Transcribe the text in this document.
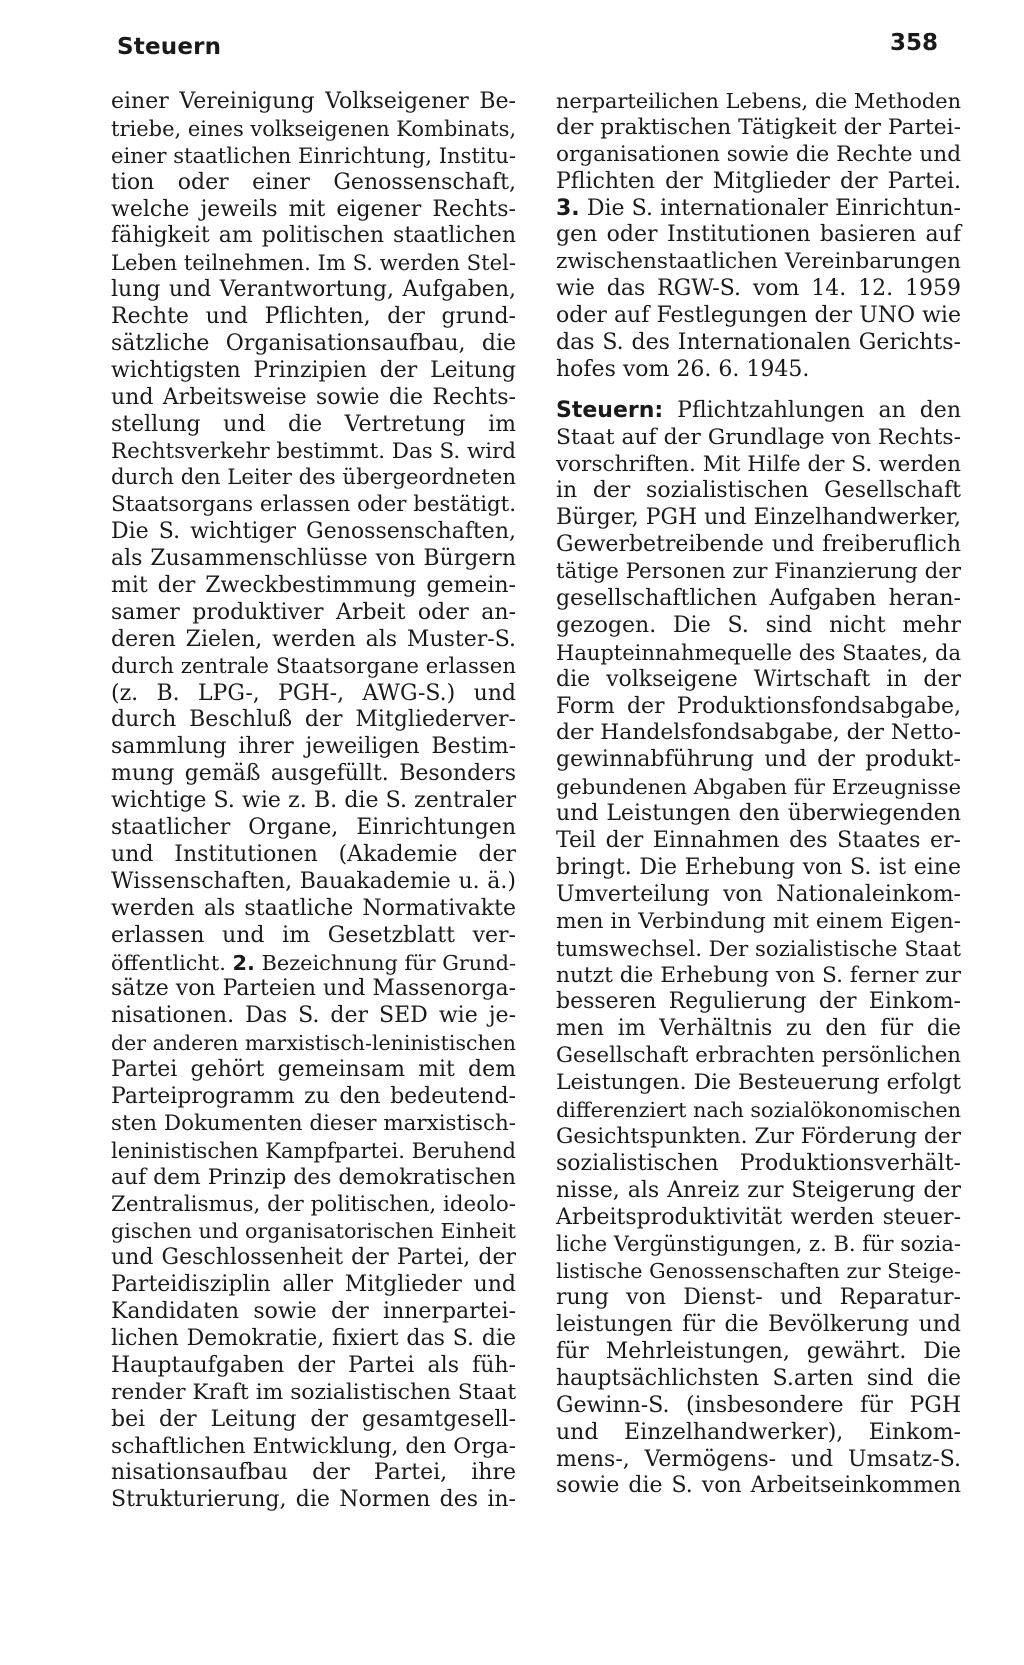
Steuern	358
einer Vereinigung Volkseigener Be-
triebe, eines volkseigenen Kombinats,
einer staatlichen Einrichtung, Institu-
tion oder einer Genossenschaft,
welche jeweils mit eigener Rechts-
fähigkeit am politischen staatlichen
Leben teilnehmen. Im S. werden Stel-
lung und Verantwortung, Aufgaben,
Rechte und Pflichten, der grund-
sätzliche Organisationsaufbau, die
wichtigsten Prinzipien der Leitung
und Arbeitsweise sowie die Rechts-
stellung und die Vertretung im
Rechtsverkehr bestimmt. Das S. wird
durch den Leiter des übergeordneten
Staatsorgans erlassen oder bestätigt.
Die S. wichtiger Genossenschaften,
als Zusammenschlüsse von Bürgern
mit der Zweckbestimmung gemein-
samer produktiver Arbeit oder an-
deren Zielen, werden als Muster-S.
durch zentrale Staatsorgane erlassen
(z. B. LPG-, PGH-, AWG-S.) und
durch Beschluß der Mitgliederver-
sammlung ihrer jeweiligen Bestim-
mung gemäß ausgefüllt. Besonders
wichtige S. wie z. B. die S. zentraler
staatlicher Organe, Einrichtungen
und Institutionen (Akademie der
Wissenschaften, Bauakademie u. ä.)
werden als staatliche Normativakte
erlassen und im Gesetzblatt ver-
öffentlicht. 2. Bezeichnung für Grund-
sätze von Parteien und Massenorga-
nisationen. Das S. der SED wie je-
der anderen marxistisch-leninistischen
Partei gehört gemeinsam mit dem
Parteiprogramm zu den bedeutend-
sten Dokumenten dieser marxistisch-
leninistischen Kampfpartei. Beruhend
auf dem Prinzip des demokratischen
Zentralismus, der politischen, ideolo-
gischen und organisatorischen Einheit
und Geschlossenheit der Partei, der
Parteidisziplin aller Mitglieder und
Kandidaten sowie der innerpartei-
lichen Demokratie, fixiert das S. die
Hauptaufgaben der Partei als füh-
render Kraft im sozialistischen Staat
bei der Leitung der gesamtgesell-
schaftlichen Entwicklung, den Orga-
nisationsaufbau der Partei, ihre
Strukturierung, die Normen des in-
nerparteilichen Lebens, die Methoden
der praktischen Tätigkeit der Partei-
organisationen sowie die Rechte und
Pflichten der Mitglieder der Partei.
3. Die S. internationaler Einrichtun-
gen oder Institutionen basieren auf
zwischenstaatlichen Vereinbarungen
wie das RGW-S. vom 14. 12. 1959
oder auf Festlegungen der UNO wie
das S. des Internationalen Gerichts-
hofes vom 26. 6. 1945.
Steuern: Pflichtzahlungen an den
Staat auf der Grundlage von Rechts-
vorschriften. Mit Hilfe der S. werden
in der sozialistischen Gesellschaft
Bürger, PGH und Einzelhandwerker,
Gewerbetreibende und freiberuflich
tätige Personen zur Finanzierung der
gesellschaftlichen Aufgaben heran-
gezogen. Die S. sind nicht mehr
Haupteinnahmequelle des Staates, da
die volkseigene Wirtschaft in der
Form der Produktionsfondsabgabe,
der Handelsfondsabgabe, der Netto-
gewinnabführung und der produkt-
gebundenen Abgaben für Erzeugnisse
und Leistungen den überwiegenden
Teil der Einnahmen des Staates er-
bringt. Die Erhebung von S. ist eine
Umverteilung von Nationaleinkom-
men in Verbindung mit einem Eigen-
tumswechsel. Der sozialistische Staat
nutzt die Erhebung von S. ferner zur
besseren Regulierung der Einkom-
men im Verhältnis zu den für die
Gesellschaft erbrachten persönlichen
Leistungen. Die Besteuerung erfolgt
differenziert nach sozialökonomischen
Gesichtspunkten. Zur Förderung der
sozialistischen Produktionsverhält-
nisse, als Anreiz zur Steigerung der
Arbeitsproduktivität werden steuer-
liche Vergünstigungen, z. B. für sozia-
listische Genossenschaften zur Steige-
rung von Dienst- und Reparatur-
leistungen für die Bevölkerung und
für Mehrleistungen, gewährt. Die
hauptsächlichsten S.arten sind die
Gewinn-S. (insbesondere für PGH
und Einzelhandwerker), Einkom-
mens-, Vermögens- und Umsatz-S.
sowie die S. von Arbeitseinkommen
